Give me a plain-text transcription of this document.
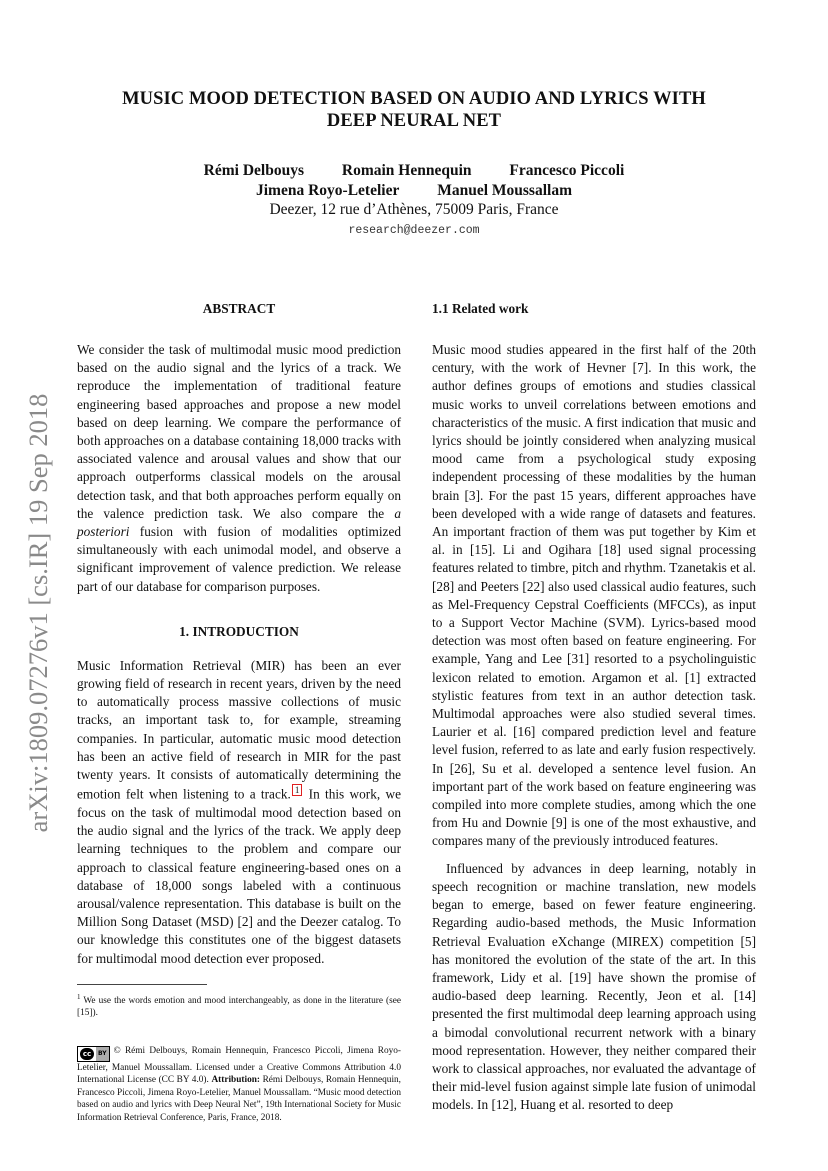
MUSIC MOOD DETECTION BASED ON AUDIO AND LYRICS WITH
DEEP NEURAL NET
Rémi Delbouys Romain Hennequin Francesco Piccoli
Jimena Royo-Letelier Manuel Moussallam
Deezer, 12 rue d’Athènes, 75009 Paris, France
research@deezer.com
arXiv:1809.07276v1 [cs.IR] 19 Sep 2018
ABSTRACT

We consider the task of multimodal music mood prediction based on the audio signal and the lyrics of a track. We reproduce the implementation of traditional feature engineering based approaches and propose a new model based on deep learning. We compare the performance of both approaches on a database containing 18,000 tracks with associated valence and arousal values and show that our approach outperforms classical models on the arousal detection task, and that both approaches perform equally on the valence prediction task. We also compare the a posteriori fusion with fusion of modalities optimized simultaneously with each unimodal model, and observe a significant improvement of valence prediction. We release part of our database for comparison purposes.

1. INTRODUCTION

Music Information Retrieval (MIR) has been an ever growing field of research in recent years, driven by the need to automatically process massive collections of music tracks, an important task to, for example, streaming companies. In particular, automatic music mood detection has been an active field of research in MIR for the past twenty years. It consists of automatically determining the emotion felt when listening to a track. 1 In this work, we focus on the task of multimodal mood detection based on the audio signal and the lyrics of the track. We apply deep learning techniques to the problem and compare our approach to classical feature engineering-based ones on a database of 18,000 songs labeled with a continuous arousal/valence representation. This database is built on the Million Song Dataset (MSD) [2] and the Deezer catalog. To our knowledge this constitutes one of the biggest datasets for multimodal mood detection ever proposed.

$^1$ We use the words emotion and mood interchangeably, as done in the literature (see [15]).
cc	BY © Rémi Delbouys, Romain Hennequin, Francesco Piccoli, Jimena Royo-Letelier, Manuel Moussallam. Licensed under a Creative Commons Attribution 4.0 International License (CC BY 4.0). Attribution: Rémi Delbouys, Romain Hennequin, Francesco Piccoli, Jimena Royo-Letelier, Manuel Moussallam. “Music mood detection based on audio and lyrics with Deep Neural Net”, 19th International Society for Music Information Retrieval Conference, Paris, France, 2018.
1.1 Related work

Music mood studies appeared in the first half of the 20th century, with the work of Hevner [7]. In this work, the author defines groups of emotions and studies classical music works to unveil correlations between emotions and characteristics of the music. A first indication that music and lyrics should be jointly considered when analyzing musical mood came from a psychological study exposing independent processing of these modalities by the human brain [3]. For the past 15 years, different approaches have been developed with a wide range of datasets and features. An important fraction of them was put together by Kim et al. in [15]. Li and Ogihara [18] used signal processing features related to timbre, pitch and rhythm. Tzanetakis et al. [28] and Peeters [22] also used classical audio features, such as Mel-Frequency Cepstral Coefficients (MFCCs), as input to a Support Vector Machine (SVM). Lyrics-based mood detection was most often based on feature engineering. For example, Yang and Lee [31] resorted to a psycholinguistic lexicon related to emotion. Argamon et al. [1] extracted stylistic features from text in an author detection task. Multimodal approaches were also studied several times. Laurier et al. [16] compared prediction level and feature level fusion, referred to as late and early fusion respectively. In [26], Su et al. developed a sentence level fusion. An important part of the work based on feature engineering was compiled into more complete studies, among which the one from Hu and Downie [9] is one of the most exhaustive, and compares many of the previously introduced features.

Influenced by advances in deep learning, notably in speech recognition or machine translation, new models began to emerge, based on fewer feature engineering. Regarding audio-based methods, the Music Information Retrieval Evaluation eXchange (MIREX) competition [5] has monitored the evolution of the state of the art. In this framework, Lidy et al. [19] have shown the promise of audio-based deep learning. Recently, Jeon et al. [14] presented the first multimodal deep learning approach using a bimodal convolutional recurrent network with a binary mood representation. However, they neither compared their work to classical approaches, nor evaluated the advantage of their mid-level fusion against simple late fusion of unimodal models. In [12], Huang et al. resorted to deep
